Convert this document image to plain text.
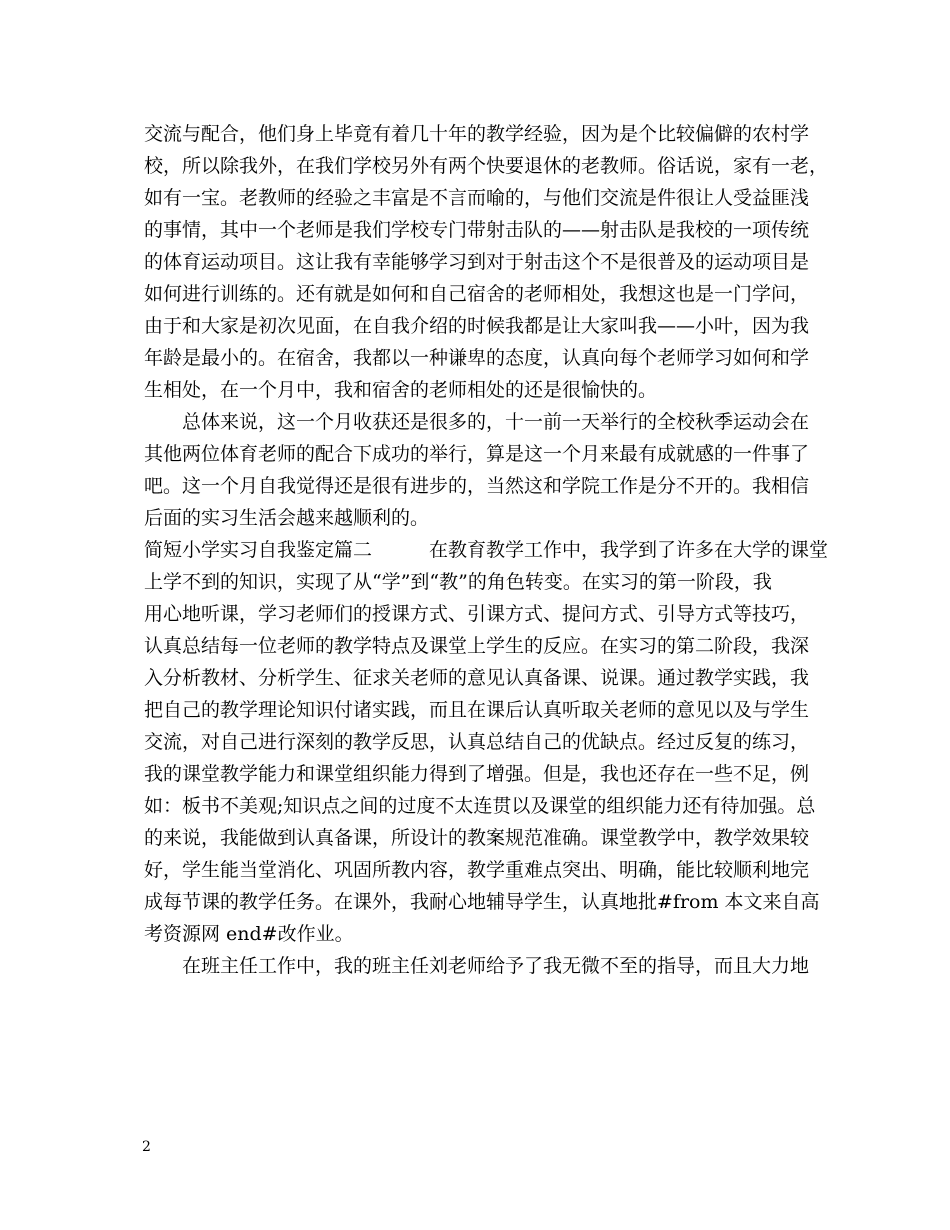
交流与配合，他们身上毕竟有着几十年的教学经验，因为是个比较偏僻的农村学
校，所以除我外，在我们学校另外有两个快要退休的老教师。俗话说，家有一老，
如有一宝。老教师的经验之丰富是不言而喻的，与他们交流是件很让人受益匪浅
的事情，其中一个老师是我们学校专门带射击队的——射击队是我校的一项传统
的体育运动项目。这让我有幸能够学习到对于射击这个不是很普及的运动项目是
如何进行训练的。还有就是如何和自己宿舍的老师相处，我想这也是一门学问，
由于和大家是初次见面，在自我介绍的时候我都是让大家叫我——小叶，因为我
年龄是最小的。在宿舍，我都以一种谦卑的态度，认真向每个老师学习如何和学
生相处，在一个月中，我和宿舍的老师相处的还是很愉快的。
　　总体来说，这一个月收获还是很多的，十一前一天举行的全校秋季运动会在
其他两位体育老师的配合下成功的举行，算是这一个月来最有成就感的一件事了
吧。这一个月自我觉得还是很有进步的，当然这和学院工作是分不开的。我相信
后面的实习生活会越来越顺利的。
简短小学实习自我鉴定篇二　　　在教育教学工作中，我学到了许多在大学的课堂
上学不到的知识，实现了从“学”到“教”的角色转变。在实习的第一阶段，我
用心地听课，学习老师们的授课方式、引课方式、提问方式、引导方式等技巧，
认真总结每一位老师的教学特点及课堂上学生的反应。在实习的第二阶段，我深
入分析教材、分析学生、征求关老师的意见认真备课、说课。通过教学实践，我
把自己的教学理论知识付诸实践，而且在课后认真听取关老师的意见以及与学生
交流，对自己进行深刻的教学反思，认真总结自己的优缺点。经过反复的练习，
我的课堂教学能力和课堂组织能力得到了增强。但是，我也还存在一些不足，例
如：板书不美观;知识点之间的过度不太连贯以及课堂的组织能力还有待加强。总
的来说，我能做到认真备课，所设计的教案规范准确。课堂教学中，教学效果较
好，学生能当堂消化、巩固所教内容，教学重难点突出、明确，能比较顺利地完
成每节课的教学任务。在课外，我耐心地辅导学生，认真地批#from 本文来自高
考资源网 end#改作业。
　　在班主任工作中，我的班主任刘老师给予了我无微不至的指导，而且大力地
2
